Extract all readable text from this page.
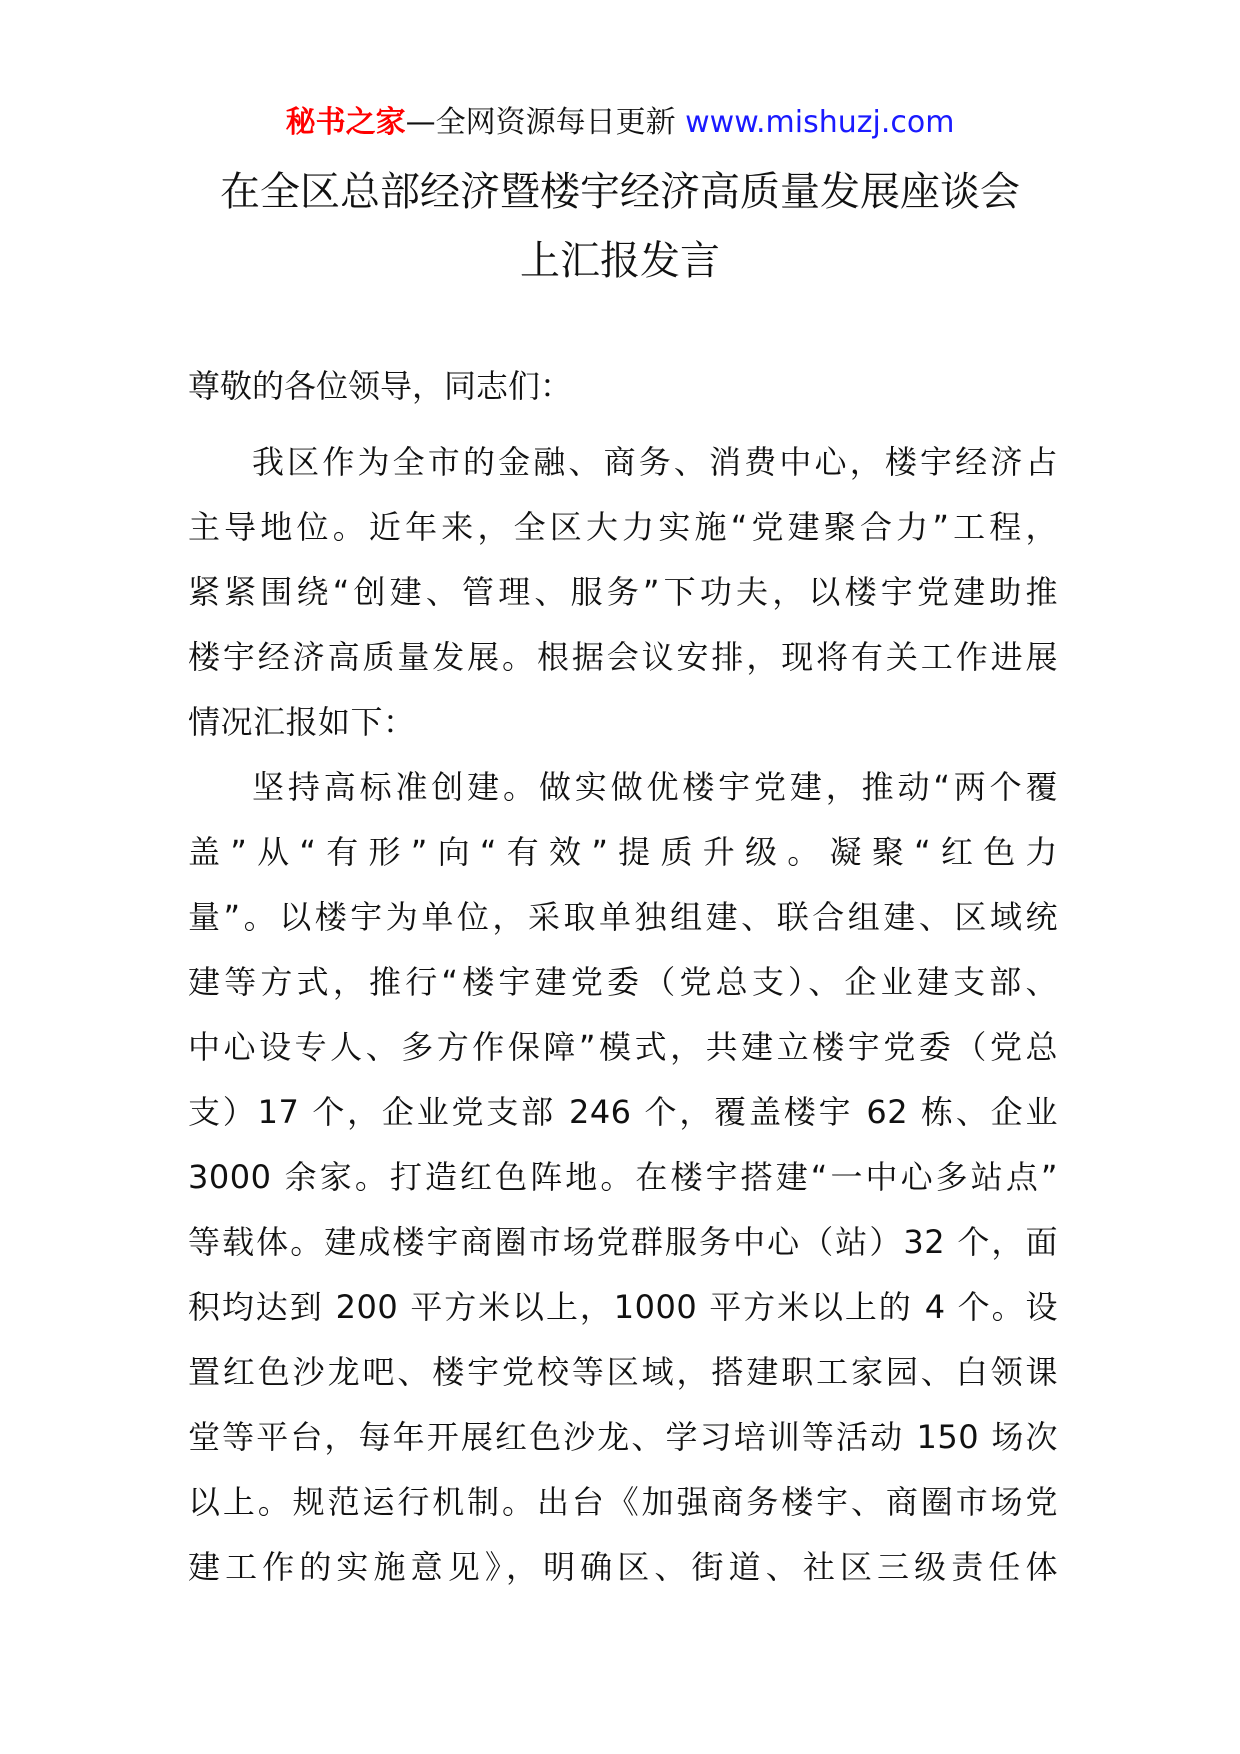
秘书之家—全网资源每日更新 www.mishuzj.com
在全区总部经济暨楼宇经济高质量发展座谈会
上汇报发言
尊敬的各位领导，同志们：
我区作为全市的金融、商务、消费中心，楼宇经济占
主导地位。近年来，全区大力实施“党建聚合力”工程，
紧紧围绕“创建、管理、服务”下功夫，以楼宇党建助推
楼宇经济高质量发展。根据会议安排，现将有关工作进展
情况汇报如下：
坚持高标准创建。做实做优楼宇党建，推动“两个覆
盖”从“有形”向“有效”提质升级。凝聚“红色力
量”。以楼宇为单位，采取单独组建、联合组建、区域统
建等方式，推行“楼宇建党委（党总支）、企业建支部、
中心设专人、多方作保障”模式，共建立楼宇党委（党总
支）17 个，企业党支部 246 个，覆盖楼宇 62 栋、企业
3000 余家。打造红色阵地。在楼宇搭建“一中心多站点”
等载体。建成楼宇商圈市场党群服务中心（站）32 个，面
积均达到 200 平方米以上，1000 平方米以上的 4 个。设
置红色沙龙吧、楼宇党校等区域，搭建职工家园、白领课
堂等平台，每年开展红色沙龙、学习培训等活动 150 场次
以上。规范运行机制。出台《加强商务楼宇、商圈市场党
建工作的实施意见》，明确区、街道、社区三级责任体
